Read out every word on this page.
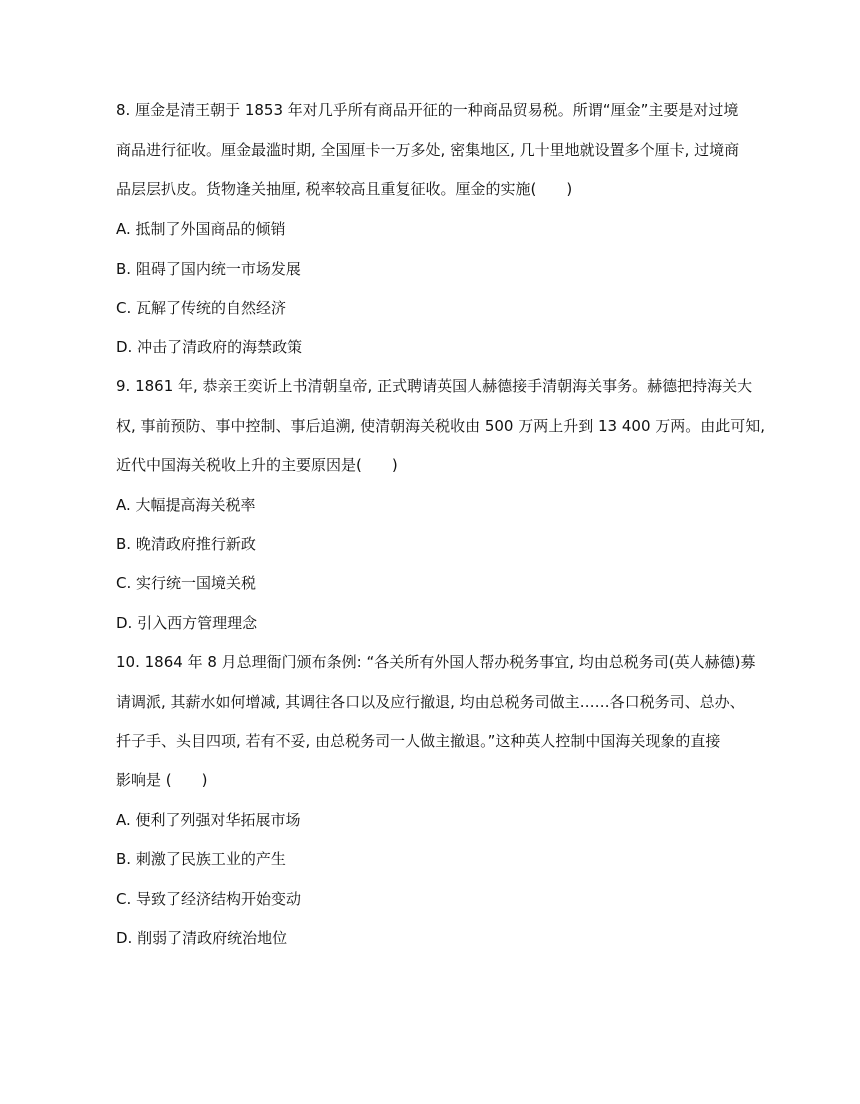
8. 厘金是清王朝于 1853 年对几乎所有商品开征的一种商品贸易税。所谓“厘金”主要是对过境
商品进行征收。厘金最滥时期, 全国厘卡一万多处, 密集地区, 几十里地就设置多个厘卡, 过境商
品层层扒皮。货物逢关抽厘, 税率较高且重复征收。厘金的实施(　　)
A. 抵制了外国商品的倾销
B. 阻碍了国内统一市场发展
C. 瓦解了传统的自然经济
D. 冲击了清政府的海禁政策
9. 1861 年, 恭亲王奕䜣上书清朝皇帝, 正式聘请英国人赫德接手清朝海关事务。赫德把持海关大
权, 事前预防、事中控制、事后追溯, 使清朝海关税收由 500 万两上升到 13 400 万两。由此可知,
近代中国海关税收上升的主要原因是(　　)
A. 大幅提高海关税率
B. 晚清政府推行新政
C. 实行统一国境关税
D. 引入西方管理理念
10. 1864 年 8 月总理衙门颁布条例: “各关所有外国人帮办税务事宜, 均由总税务司(英人赫德)募
请调派, 其薪水如何增减, 其调往各口以及应行撤退, 均由总税务司做主……各口税务司、总办、
扦子手、头目四项, 若有不妥, 由总税务司一人做主撤退。”这种英人控制中国海关现象的直接
影响是 (　　)
A. 便利了列强对华拓展市场
B. 刺激了民族工业的产生
C. 导致了经济结构开始变动
D. 削弱了清政府统治地位
